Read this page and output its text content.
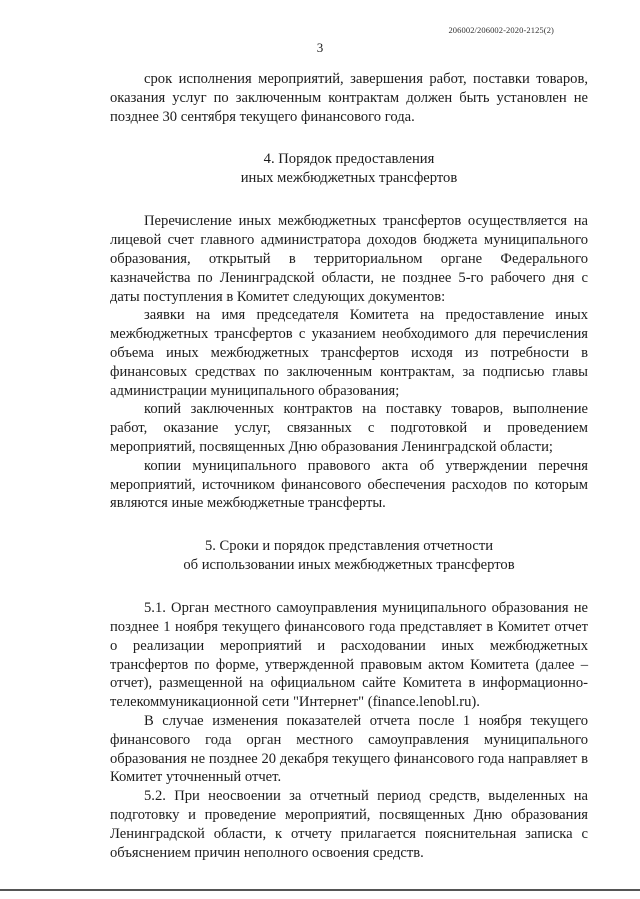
206002/206002-2020-2125(2)
3

срок исполнения мероприятий, завершения работ, поставки товаров, оказания услуг по заключенным контрактам должен быть установлен не позднее 30 сентября текущего финансового года.

4. Порядок предоставления

иных межбюджетных трансфертов

Перечисление иных межбюджетных трансфертов осуществляется на лицевой счет главного администратора доходов бюджета муниципального образования, открытый в территориальном органе Федерального казначейства по Ленинградской области, не позднее 5-го рабочего дня с даты поступления в Комитет следующих документов:

заявки на имя председателя Комитета на предоставление иных межбюджетных трансфертов с указанием необходимого для перечисления объема иных межбюджетных трансфертов исходя из потребности в финансовых средствах по заключенным контрактам, за подписью главы администрации муниципального образования;

копий заключенных контрактов на поставку товаров, выполнение работ, оказание услуг, связанных с подготовкой и проведением мероприятий, посвященных Дню образования Ленинградской области;

копии муниципального правового акта об утверждении перечня мероприятий, источником финансового обеспечения расходов по которым являются иные межбюджетные трансферты.

5. Сроки и порядок представления отчетности

об использовании иных межбюджетных трансфертов

5.1. Орган местного самоуправления муниципального образования не позднее 1 ноября текущего финансового года представляет в Комитет отчет о реализации мероприятий и расходовании иных межбюджетных трансфертов по форме, утвержденной правовым актом Комитета (далее – отчет), размещенной на официальном сайте Комитета в информационно-телекоммуникационной сети "Интернет" (finance.lenobl.ru).

В случае изменения показателей отчета после 1 ноября текущего финансового года орган местного самоуправления муниципального образования не позднее 20 декабря текущего финансового года направляет в Комитет уточненный отчет.

5.2. При неосвоении за отчетный период средств, выделенных на подготовку и проведение мероприятий, посвященных Дню образования Ленинградской области, к отчету прилагается пояснительная записка с объяснением причин неполного освоения средств.
